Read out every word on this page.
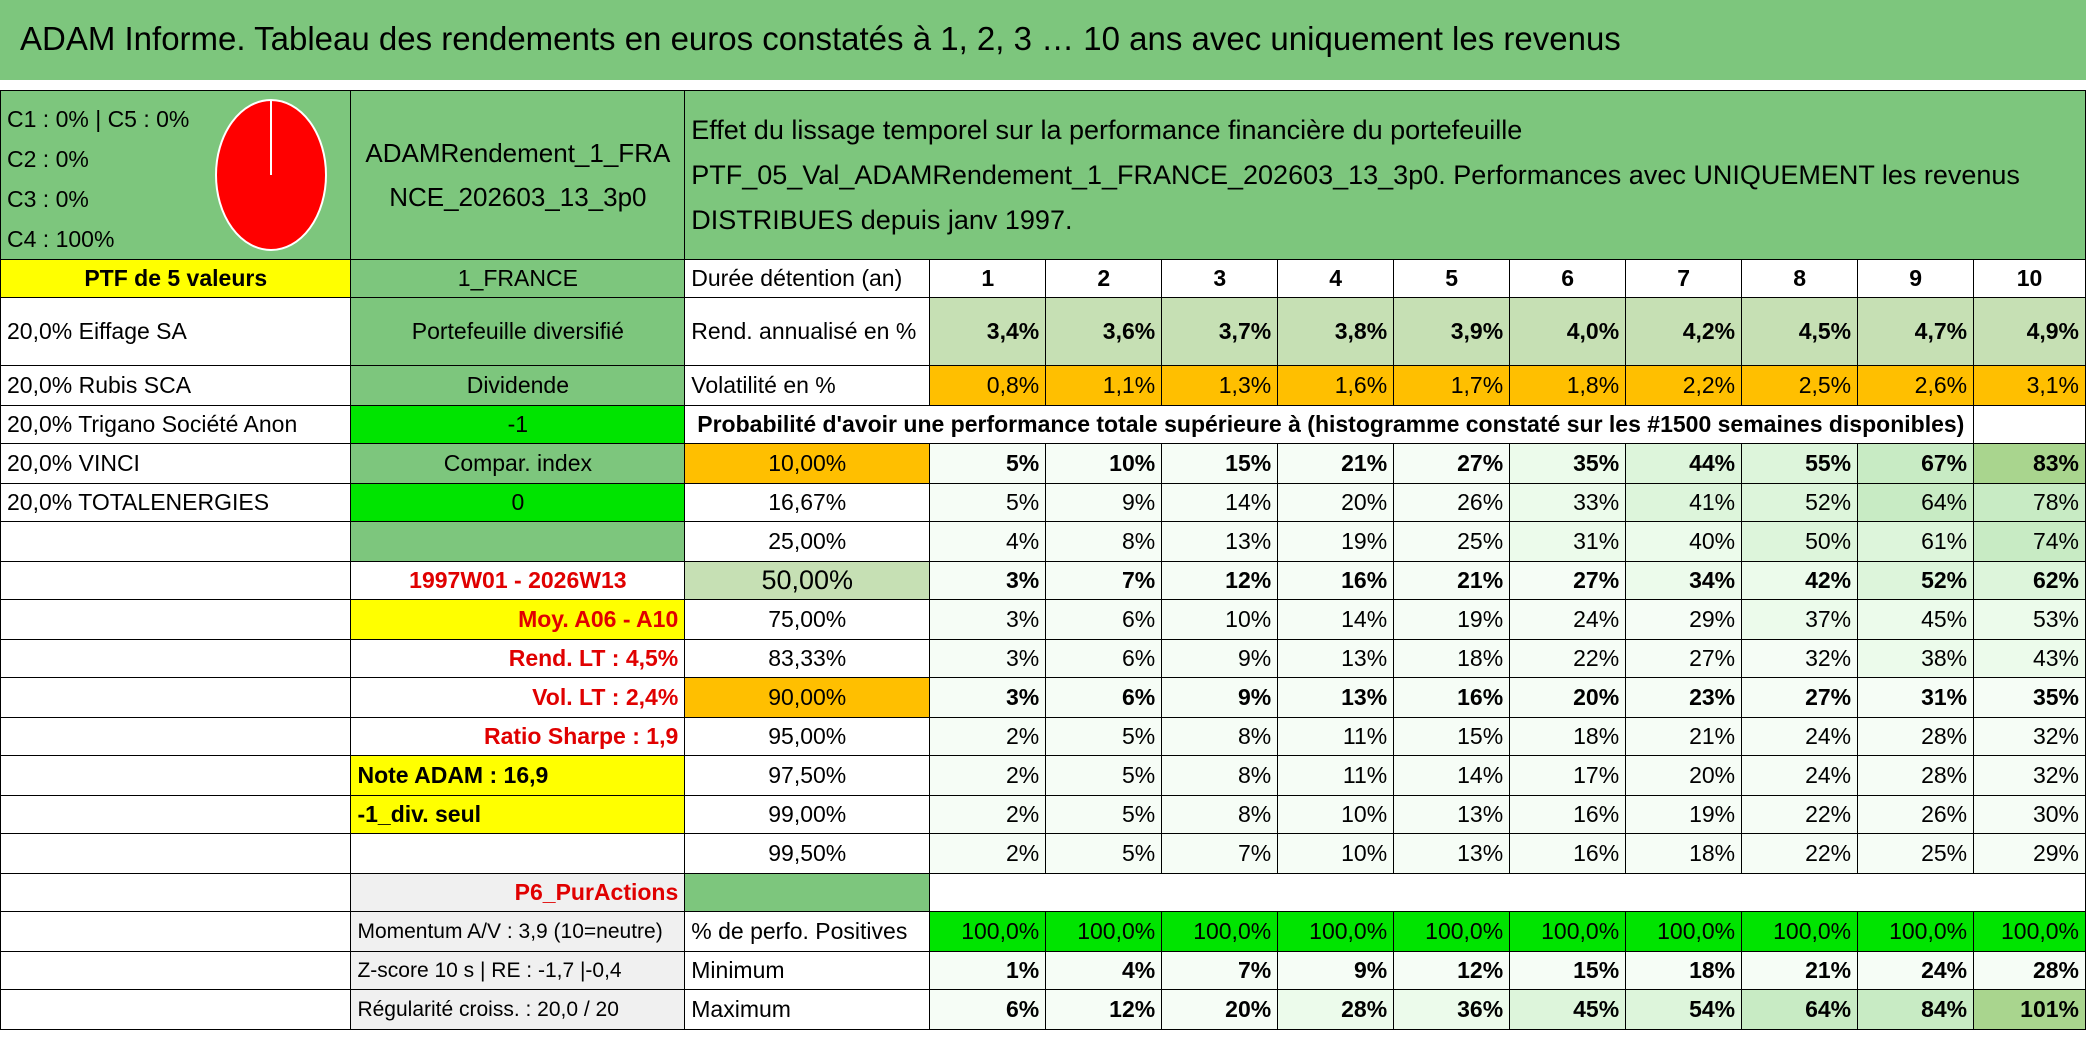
ADAM Informe. Tableau des rendements en euros constatés à 1, 2, 3 … 10 ans avec uniquement les revenus
C1 : 0% | C5 : 0%
C2 : 0%
C3 : 0%
C4 : 100%	ADAMRendement_1_FRANCE_202603_13_3p0	Effet du lissage temporel sur la performance financière du portefeuille PTF_05_Val_ADAMRendement_1_FRANCE_202603_13_3p0. Performances avec UNIQUEMENT les revenus DISTRIBUES depuis janv 1997.										
PTF de 5 valeurs	1_FRANCE	Durée détention (an)	1	2	3	4	5	6	7	8	9	10
20,0% Eiffage SA	Portefeuille diversifié	Rend. annualisé en %	3,4%	3,6%	3,7%	3,8%	3,9%	4,0%	4,2%	4,5%	4,7%	4,9%
20,0% Rubis SCA	Dividende	Volatilité en %	0,8%	1,1%	1,3%	1,6%	1,7%	1,8%	2,2%	2,5%	2,6%	3,1%
20,0% Trigano Société Anon	-1	Probabilité d'avoir une performance totale supérieure à (histogramme constaté sur les #1500 semaines disponibles)										
20,0% VINCI	Compar. index	10,00%	5%	10%	15%	21%	27%	35%	44%	55%	67%	83%
20,0% TOTALENERGIES	0	16,67%	5%	9%	14%	20%	26%	33%	41%	52%	64%	78%
		25,00%	4%	8%	13%	19%	25%	31%	40%	50%	61%	74%
	1997W01 - 2026W13	50,00%	3%	7%	12%	16%	21%	27%	34%	42%	52%	62%
	Moy. A06 - A10	75,00%	3%	6%	10%	14%	19%	24%	29%	37%	45%	53%
	Rend. LT : 4,5%	83,33%	3%	6%	9%	13%	18%	22%	27%	32%	38%	43%
	Vol. LT : 2,4%	90,00%	3%	6%	9%	13%	16%	20%	23%	27%	31%	35%
	Ratio Sharpe : 1,9	95,00%	2%	5%	8%	11%	15%	18%	21%	24%	28%	32%
	Note ADAM : 16,9	97,50%	2%	5%	8%	11%	14%	17%	20%	24%	28%	32%
	-1_div. seul	99,00%	2%	5%	8%	10%	13%	16%	19%	22%	26%	30%
		99,50%	2%	5%	7%	10%	13%	16%	18%	22%	25%	29%
	P6_PurActions											
	Momentum A/V : 3,9 (10=neutre)	% de perfo. Positives	100,0%	100,0%	100,0%	100,0%	100,0%	100,0%	100,0%	100,0%	100,0%	100,0%
	Z-score 10 s | RE : -1,7 |-0,4	Minimum	1%	4%	7%	9%	12%	15%	18%	21%	24%	28%
	Régularité croiss. : 20,0 / 20	Maximum	6%	12%	20%	28%	36%	45%	54%	64%	84%	101%
